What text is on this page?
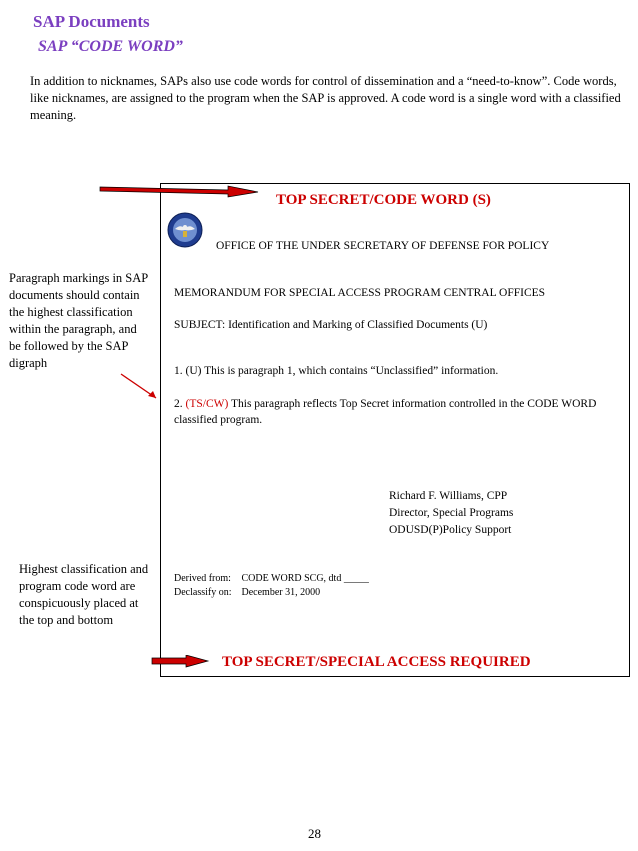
SAP Documents
SAP “CODE WORD”
In addition to nicknames, SAPs also use code words for control of dissemination and a “need-to-know”. Code words, like nicknames, are assigned to the program when the SAP is approved. A code word is a single word with a classified meaning.
TOP SECRET/CODE WORD (S)
OFFICE OF THE UNDER SECRETARY OF DEFENSE FOR POLICY
MEMORANDUM FOR SPECIAL ACCESS PROGRAM CENTRAL OFFICES
SUBJECT: Identification and Marking of Classified Documents (U)
1. (U) This is paragraph 1, which contains “Unclassified” information.
2. (TS/CW) This paragraph reflects Top Secret information controlled in the CODE WORD classified program.
Richard F. Williams, CPP
Director, Special Programs
ODUSD(P)Policy Support
Derived from:	CODE WORD SCG, dtd _____
Declassify on:	December 31, 2000
TOP SECRET/SPECIAL ACCESS REQUIRED
Paragraph markings in SAP documents should contain the highest classification within the paragraph, and be followed by the SAP digraph
Highest classification and program code word are conspicuously placed at the top and bottom
28
